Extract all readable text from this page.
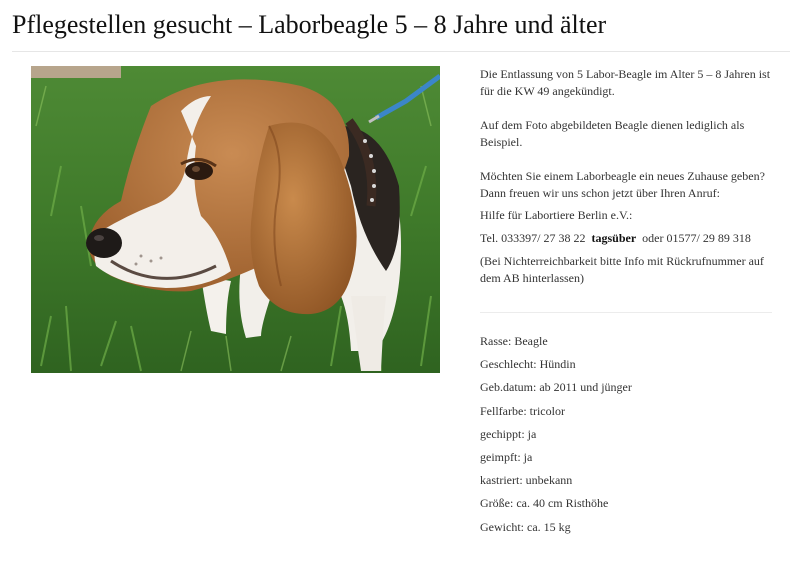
Pflegestellen gesucht – Laborbeagle 5 – 8 Jahre und älter

Die Entlassung von 5 Labor-Beagle im Alter 5 – 8 Jahren ist für die KW 49 angekündigt.

Auf dem Foto abgebildeten Beagle dienen lediglich als Beispiel.

Möchten Sie einem Laborbeagle ein neues Zuhause geben? Dann freuen wir uns schon jetzt über Ihren Anruf:

Hilfe für Labortiere Berlin e.V.:

Tel. 033397/ 27 38 22  tagsüber  oder 01577/ 29 89 318

(Bei Nichterreichbarkeit bitte Info mit Rückrufnummer auf dem AB hinterlassen)

Rasse: Beagle
Geschlecht: Hündin
Geb.datum: ab 2011 und jünger
Fellfarbe: tricolor
gechippt: ja
geimpft: ja
kastriert: unbekann
Größe: ca. 40 cm Risthöhe
Gewicht: ca. 15 kg
